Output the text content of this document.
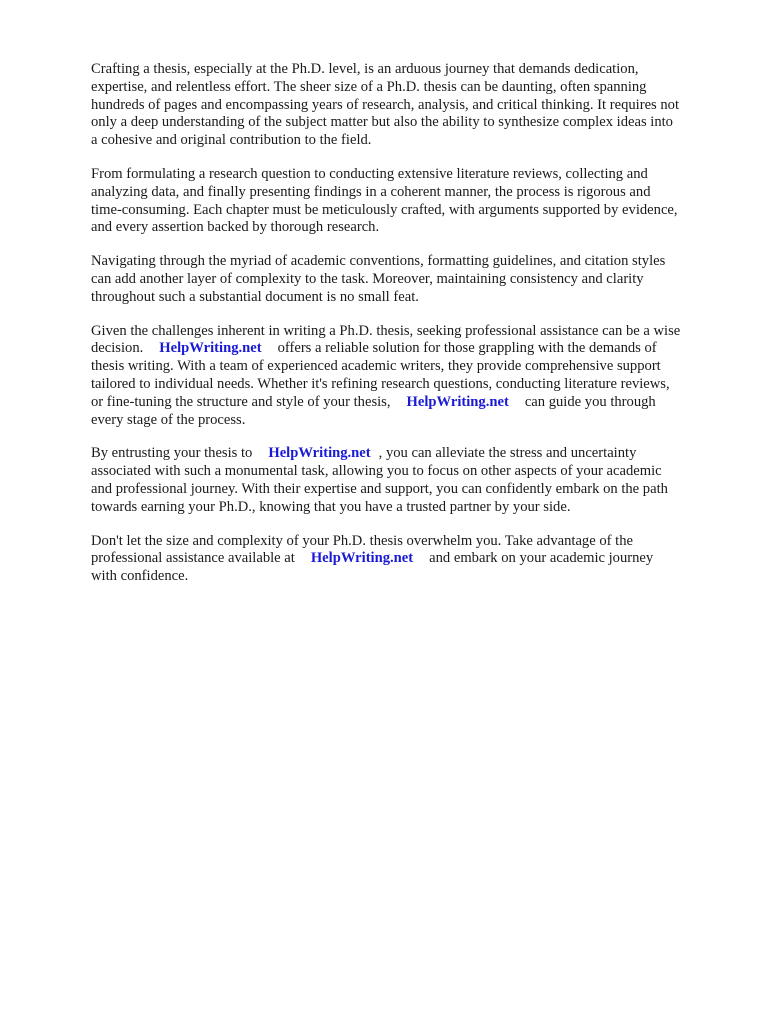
Crafting a thesis, especially at the Ph.D. level, is an arduous journey that demands dedication,
expertise, and relentless effort. The sheer size of a Ph.D. thesis can be daunting, often spanning
hundreds of pages and encompassing years of research, analysis, and critical thinking. It requires not
only a deep understanding of the subject matter but also the ability to synthesize complex ideas into
a cohesive and original contribution to the field.

From formulating a research question to conducting extensive literature reviews, collecting and
analyzing data, and finally presenting findings in a coherent manner, the process is rigorous and
time-consuming. Each chapter must be meticulously crafted, with arguments supported by evidence,
and every assertion backed by thorough research.

Navigating through the myriad of academic conventions, formatting guidelines, and citation styles
can add another layer of complexity to the task. Moreover, maintaining consistency and clarity
throughout such a substantial document is no small feat.

Given the challenges inherent in writing a Ph.D. thesis, seeking professional assistance can be a wise
decision. HelpWriting.net offers a reliable solution for those grappling with the demands of
thesis writing. With a team of experienced academic writers, they provide comprehensive support
tailored to individual needs. Whether it's refining research questions, conducting literature reviews,
or fine-tuning the structure and style of your thesis, HelpWriting.net can guide you through
every stage of the process.

By entrusting your thesis to HelpWriting.net , you can alleviate the stress and uncertainty
associated with such a monumental task, allowing you to focus on other aspects of your academic
and professional journey. With their expertise and support, you can confidently embark on the path
towards earning your Ph.D., knowing that you have a trusted partner by your side.

Don't let the size and complexity of your Ph.D. thesis overwhelm you. Take advantage of the
professional assistance available at HelpWriting.net and embark on your academic journey
with confidence.
